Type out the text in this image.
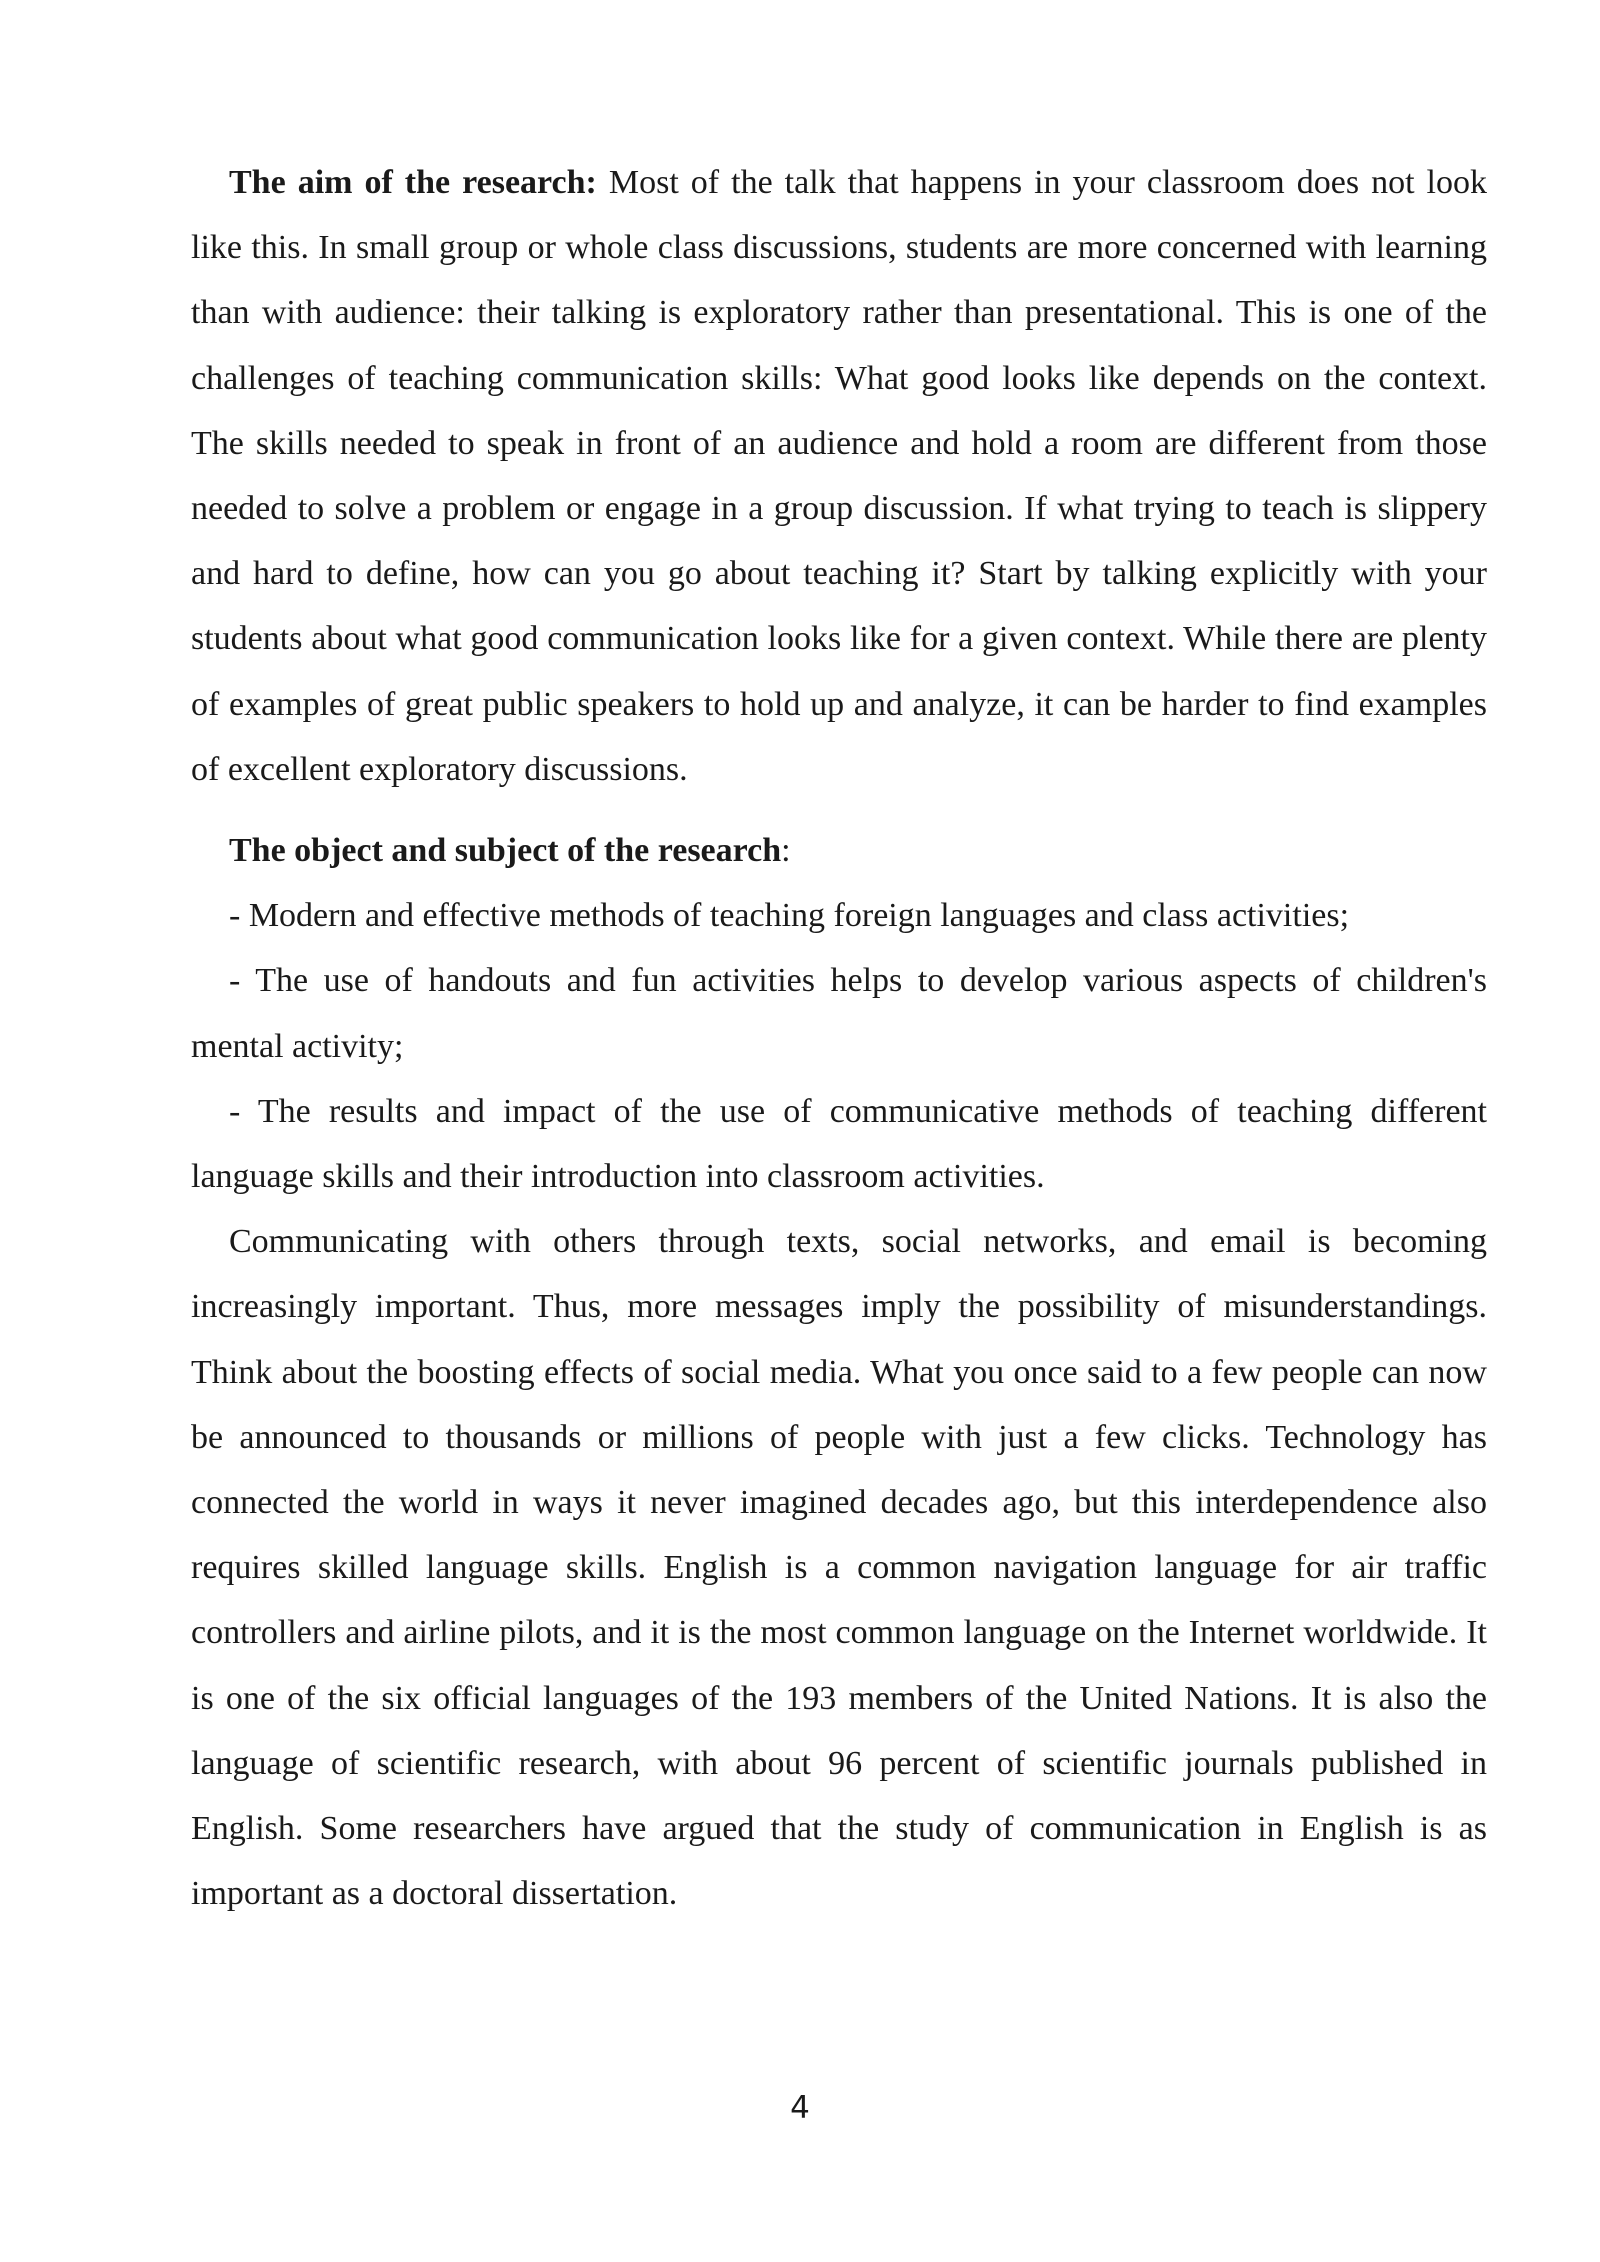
The aim of the research: Most of the talk that happens in your classroom does not look like this. In small group or whole class discussions, students are more concerned with learning than with audience: their talking is exploratory rather than presentational. This is one of the challenges of teaching communication skills: What good looks like depends on the context. The skills needed to speak in front of an audience and hold a room are different from those needed to solve a problem or engage in a group discussion. If what trying to teach is slippery and hard to define, how can you go about teaching it? Start by talking explicitly with your students about what good communication looks like for a given context. While there are plenty of examples of great public speakers to hold up and analyze, it can be harder to find examples of excellent exploratory discussions.

The object and subject of the research:

- Modern and effective methods of teaching foreign languages and class activities;

- The use of handouts and fun activities helps to develop various aspects of children's mental activity;

- The results and impact of the use of communicative methods of teaching different language skills and their introduction into classroom activities.

Communicating with others through texts, social networks, and email is becoming increasingly important. Thus, more messages imply the possibility of misunderstandings. Think about the boosting effects of social media. What you once said to a few people can now be announced to thousands or millions of people with just a few clicks. Technology has connected the world in ways it never imagined decades ago, but this interdependence also requires skilled language skills. English is a common navigation language for air traffic controllers and airline pilots, and it is the most common language on the Internet worldwide. It is one of the six official languages of the 193 members of the United Nations. It is also the language of scientific research, with about 96 percent of scientific journals published in English. Some researchers have argued that the study of communication in English is as important as a doctoral dissertation.

4
